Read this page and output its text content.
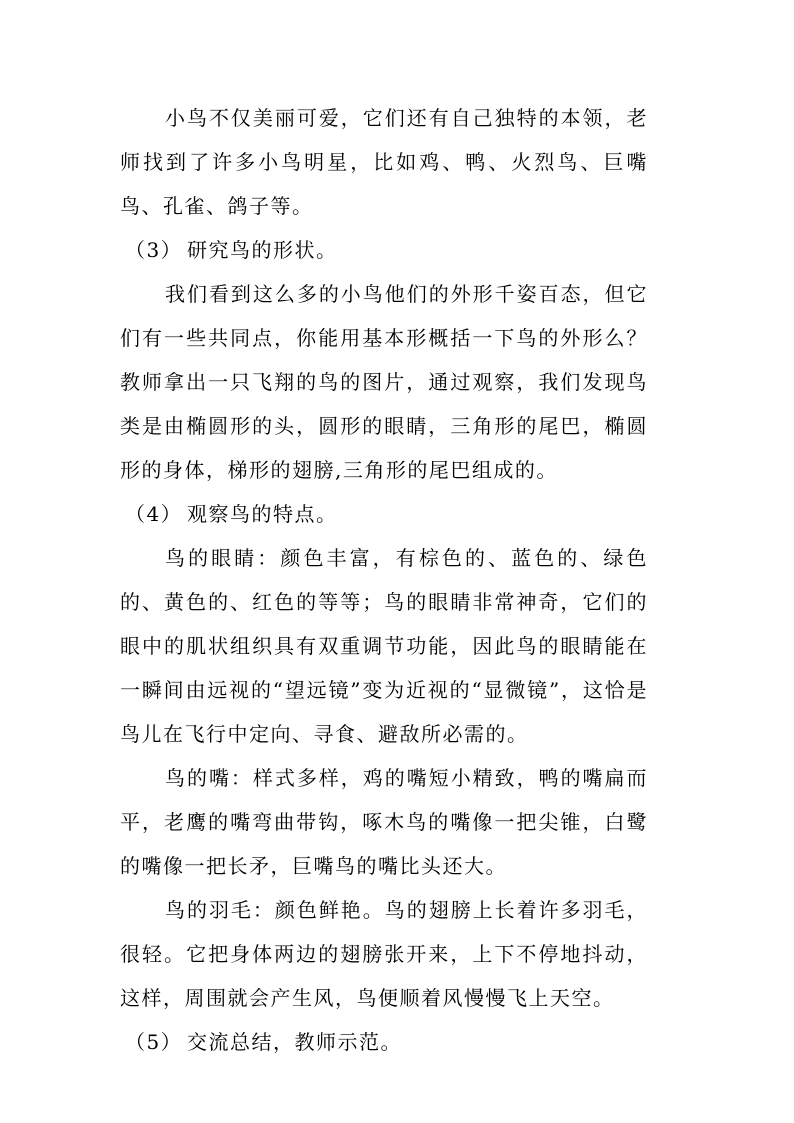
小鸟不仅美丽可爱，它们还有自己独特的本领，老师找到了许多小鸟明星，比如鸡、鸭、火烈鸟、巨嘴鸟、孔雀、鸽子等。

（3） 研究鸟的形状。

我们看到这么多的小鸟他们的外形千姿百态，但它们有一些共同点，你能用基本形概括一下鸟的外形么？教师拿出一只飞翔的鸟的图片，通过观察，我们发现鸟类是由椭圆形的头，圆形的眼睛，三角形的尾巴，椭圆形的身体，梯形的翅膀,三角形的尾巴组成的。

（4） 观察鸟的特点。

鸟的眼睛：颜色丰富，有棕色的、蓝色的、绿色的、黄色的、红色的等等；鸟的眼睛非常神奇，它们的眼中的肌状组织具有双重调节功能，因此鸟的眼睛能在一瞬间由远视的“望远镜”变为近视的“显微镜”，这恰是鸟儿在飞行中定向、寻食、避敌所必需的。

鸟的嘴：样式多样，鸡的嘴短小精致，鸭的嘴扁而平，老鹰的嘴弯曲带钩，啄木鸟的嘴像一把尖锥，白鹭的嘴像一把长矛，巨嘴鸟的嘴比头还大。

鸟的羽毛：颜色鲜艳。鸟的翅膀上长着许多羽毛，很轻。它把身体两边的翅膀张开来，上下不停地抖动，这样，周围就会产生风，鸟便顺着风慢慢飞上天空。

（5） 交流总结，教师示范。
